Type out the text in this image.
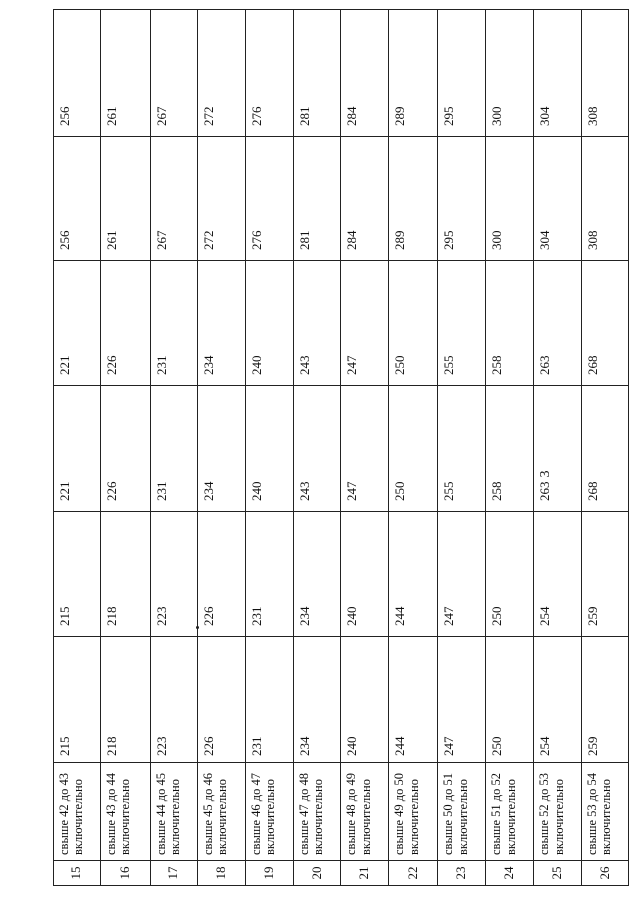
3
15	свыше 42 до 43 включительно	215	215	221	221	256	256
16	свыше 43 до 44 включительно	218	218	226	226	261	261
17	свыше 44 до 45 включительно	223	223	231	231	267	267
18	свыше 45 до 46 включительно	226	226	234	234	272	272
19	свыше 46 до 47 включительно	231	231	240	240	276	276
20	свыше 47 до 48 включительно	234	234	243	243	281	281
21	свыше 48 до 49 включительно	240	240	247	247	284	284
22	свыше 49 до 50 включительно	244	244	250	250	289	289
23	свыше 50 до 51 включительно	247	247	255	255	295	295
24	свыше 51 до 52 включительно	250	250	258	258	300	300
25	свыше 52 до 53 включительно	254	254	263	263	304	304
26	свыше 53 до 54 включительно	259	259	268	268	308	308
